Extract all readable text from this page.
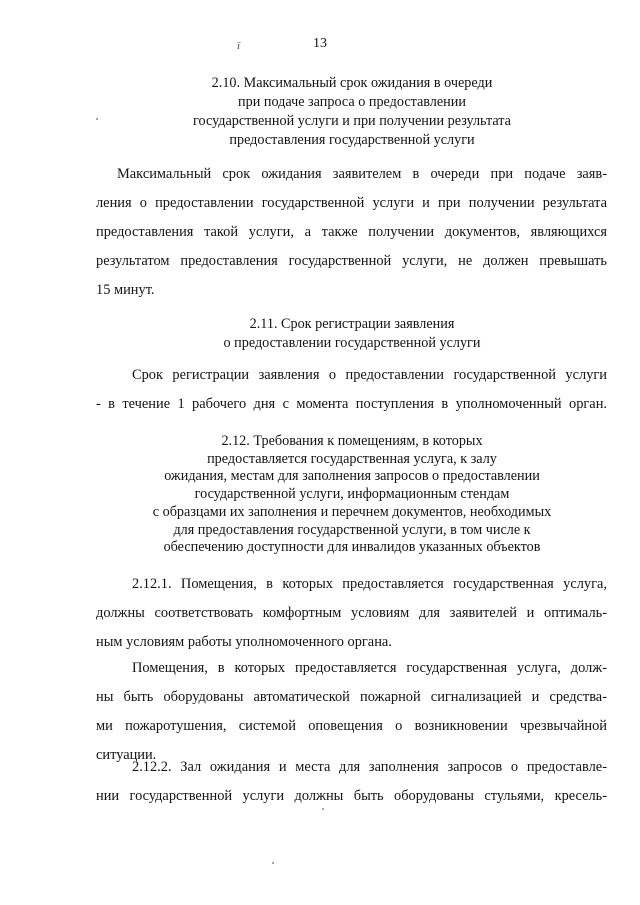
13
ї
2.10. Максимальный срок ожидания в очереди
при подаче запроса о предоставлении
государственной услуги и при получении результата
предоставления государственной услуги
Максимальный срок ожидания заявителем в очереди при подаче заяв-
ления о предоставлении государственной услуги и при получении результата
предоставления такой услуги, а также получении документов, являющихся
результатом предоставления государственной услуги, не должен превышать
15 минут.
2.11. Срок регистрации заявления
о предоставлении государственной услуги
Срок регистрации заявления о предоставлении государственной услуги
- в течение 1 рабочего дня с момента поступления в уполномоченный орган.
2.12. Требования к помещениям, в которых
предоставляется государственная услуга, к залу
ожидания, местам для заполнения запросов о предоставлении
государственной услуги, информационным стендам
с образцами их заполнения и перечнем документов, необходимых
для предоставления государственной услуги, в том числе к
обеспечению доступности для инвалидов указанных объектов
2.12.1. Помещения, в которых предоставляется государственная услуга,
должны соответствовать комфортным условиям для заявителей и оптималь-
ным условиям работы уполномоченного органа.
Помещения, в которых предоставляется государственная услуга, долж-
ны быть оборудованы автоматической пожарной сигнализацией и средства-
ми пожаротушения, системой оповещения о возникновении чрезвычайной
ситуации.
2.12.2. Зал ожидания и места для заполнения запросов о предоставле-
нии государственной услуги должны быть оборудованы стульями, кресель-
